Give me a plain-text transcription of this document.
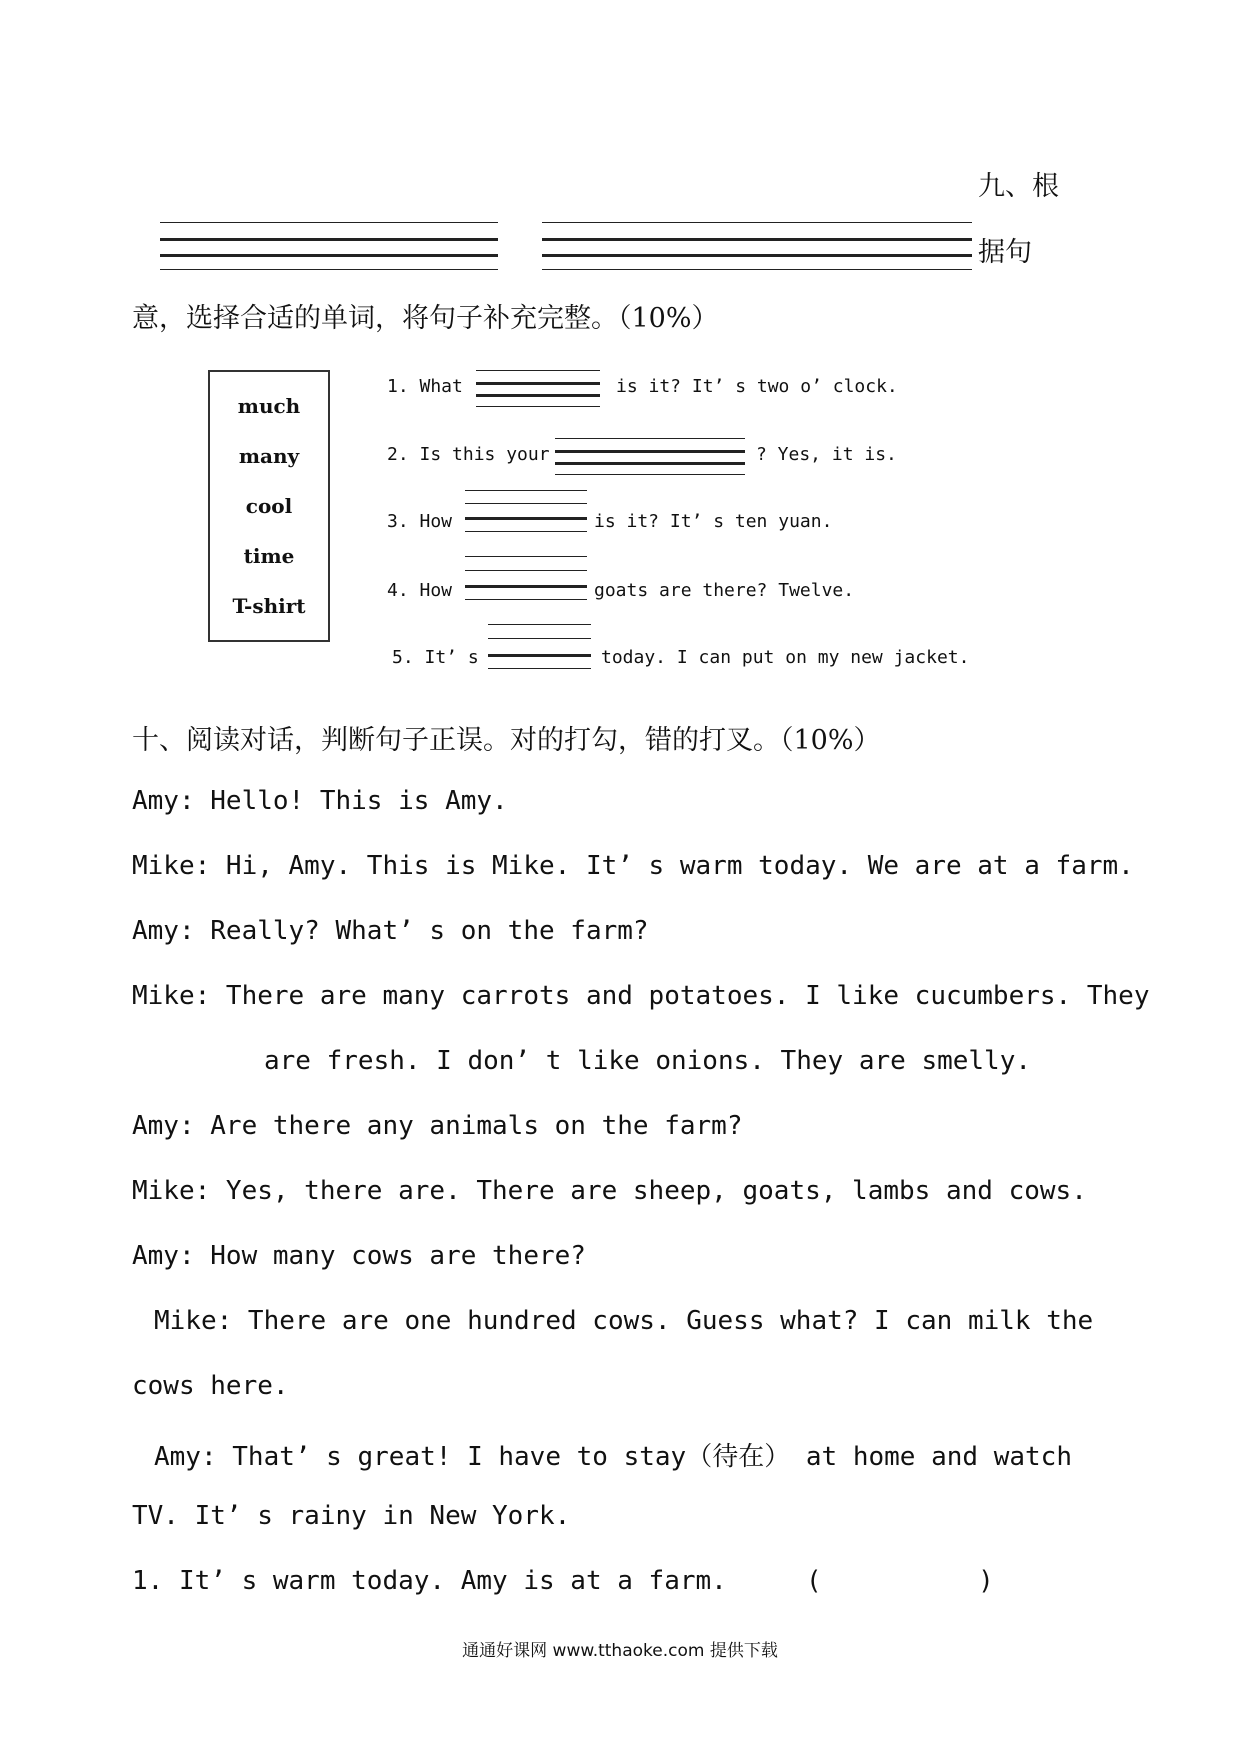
九、根
据句
意，选择合适的单词，将句子补充完整。（10%）
much
many
cool
time
T-shirt
1. What	is it? It’ s two o’ clock.
2. Is this your	? Yes, it is.
3. How	is it? It’ s ten yuan.
4. How	goats are there? Twelve.
5. It’ s	today. I can put on my new jacket.
十、阅读对话，判断句子正误。对的打勾，错的打叉。（10%）
Amy: Hello! This is Amy.
Mike: Hi, Amy. This is Mike. It’ s warm today. We are at a farm.
Amy: Really? What’ s on the farm?
Mike: There are many carrots and potatoes. I like cucumbers. They
are fresh. I don’ t like onions. They are smelly.
Amy: Are there any animals on the farm?
Mike: Yes, there are. There are sheep, goats, lambs and cows.
Amy: How many cows are there?
Mike: There are one hundred cows. Guess what? I can milk the
cows here.
Amy: That’ s great! I have to stay（待在） at home and watch
TV. It’ s rainy in New York.
1. It’ s warm today. Amy is at a farm.	(          )
通通好课网 www.tthaoke.com 提供下载
